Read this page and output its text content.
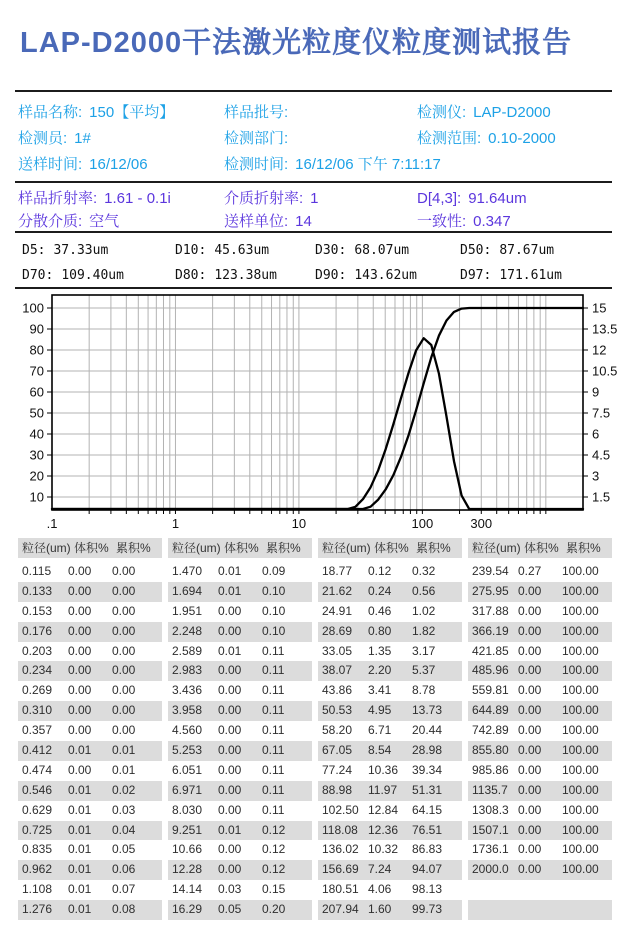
LAP-D2000干法激光粒度仪粒度测试报告
样品名称: 150【平均】	样品批号:	检测仪: LAP-D2000
检测员: 1#	检测部门:	检测范围: 0.10-2000
送样时间: 16/12/06	检测时间: 16/12/06 下午 7:11:17
样品折射率: 1.61 - 0.1i	介质折射率: 1	D[4,3]: 91.64um
分散介质: 空气	送样单位: 14	一致性: 0.347
D5: 37.33um	D10: 45.63um	D30: 68.07um	D50: 87.67um
D70: 109.40um	D80: 123.38um	D90: 143.62um	D97: 171.61um
10
20
30
40
50
60
70
80
90
100
1.5
3
4.5
6
7.5
9
10.5
12
13.5
15
.1	1	10	100	300
粒径(um) 体积% 累积%
0.115 0.00 0.00
0.133 0.00 0.00
0.153 0.00 0.00
0.176 0.00 0.00
0.203 0.00 0.00
0.234 0.00 0.00
0.269 0.00 0.00
0.310 0.00 0.00
0.357 0.00 0.00
0.412 0.01 0.01
0.474 0.00 0.01
0.546 0.01 0.02
0.629 0.01 0.03
0.725 0.01 0.04
0.835 0.01 0.05
0.962 0.01 0.06
1.108 0.01 0.07
1.276 0.01 0.08
粒径(um) 体积% 累积%
1.470 0.01 0.09
1.694 0.01 0.10
1.951 0.00 0.10
2.248 0.00 0.10
2.589 0.01 0.11
2.983 0.00 0.11
3.436 0.00 0.11
3.958 0.00 0.11
4.560 0.00 0.11
5.253 0.00 0.11
6.051 0.00 0.11
6.971 0.00 0.11
8.030 0.00 0.11
9.251 0.01 0.12
10.66 0.00 0.12
12.28 0.00 0.12
14.14 0.03 0.15
16.29 0.05 0.20
粒径(um) 体积% 累积%
18.77 0.12 0.32
21.62 0.24 0.56
24.91 0.46 1.02
28.69 0.80 1.82
33.05 1.35 3.17
38.07 2.20 5.37
43.86 3.41 8.78
50.53 4.95 13.73
58.20 6.71 20.44
67.05 8.54 28.98
77.24 10.36 39.34
88.98 11.97 51.31
102.50 12.84 64.15
118.08 12.36 76.51
136.02 10.32 86.83
156.69 7.24 94.07
180.51 4.06 98.13
207.94 1.60 99.73
粒径(um) 体积% 累积%
239.54 0.27 100.00
275.95 0.00 100.00
317.88 0.00 100.00
366.19 0.00 100.00
421.85 0.00 100.00
485.96 0.00 100.00
559.81 0.00 100.00
644.89 0.00 100.00
742.89 0.00 100.00
855.80 0.00 100.00
985.86 0.00 100.00
1135.7 0.00 100.00
1308.3 0.00 100.00
1507.1 0.00 100.00
1736.1 0.00 100.00
2000.0 0.00 100.00
